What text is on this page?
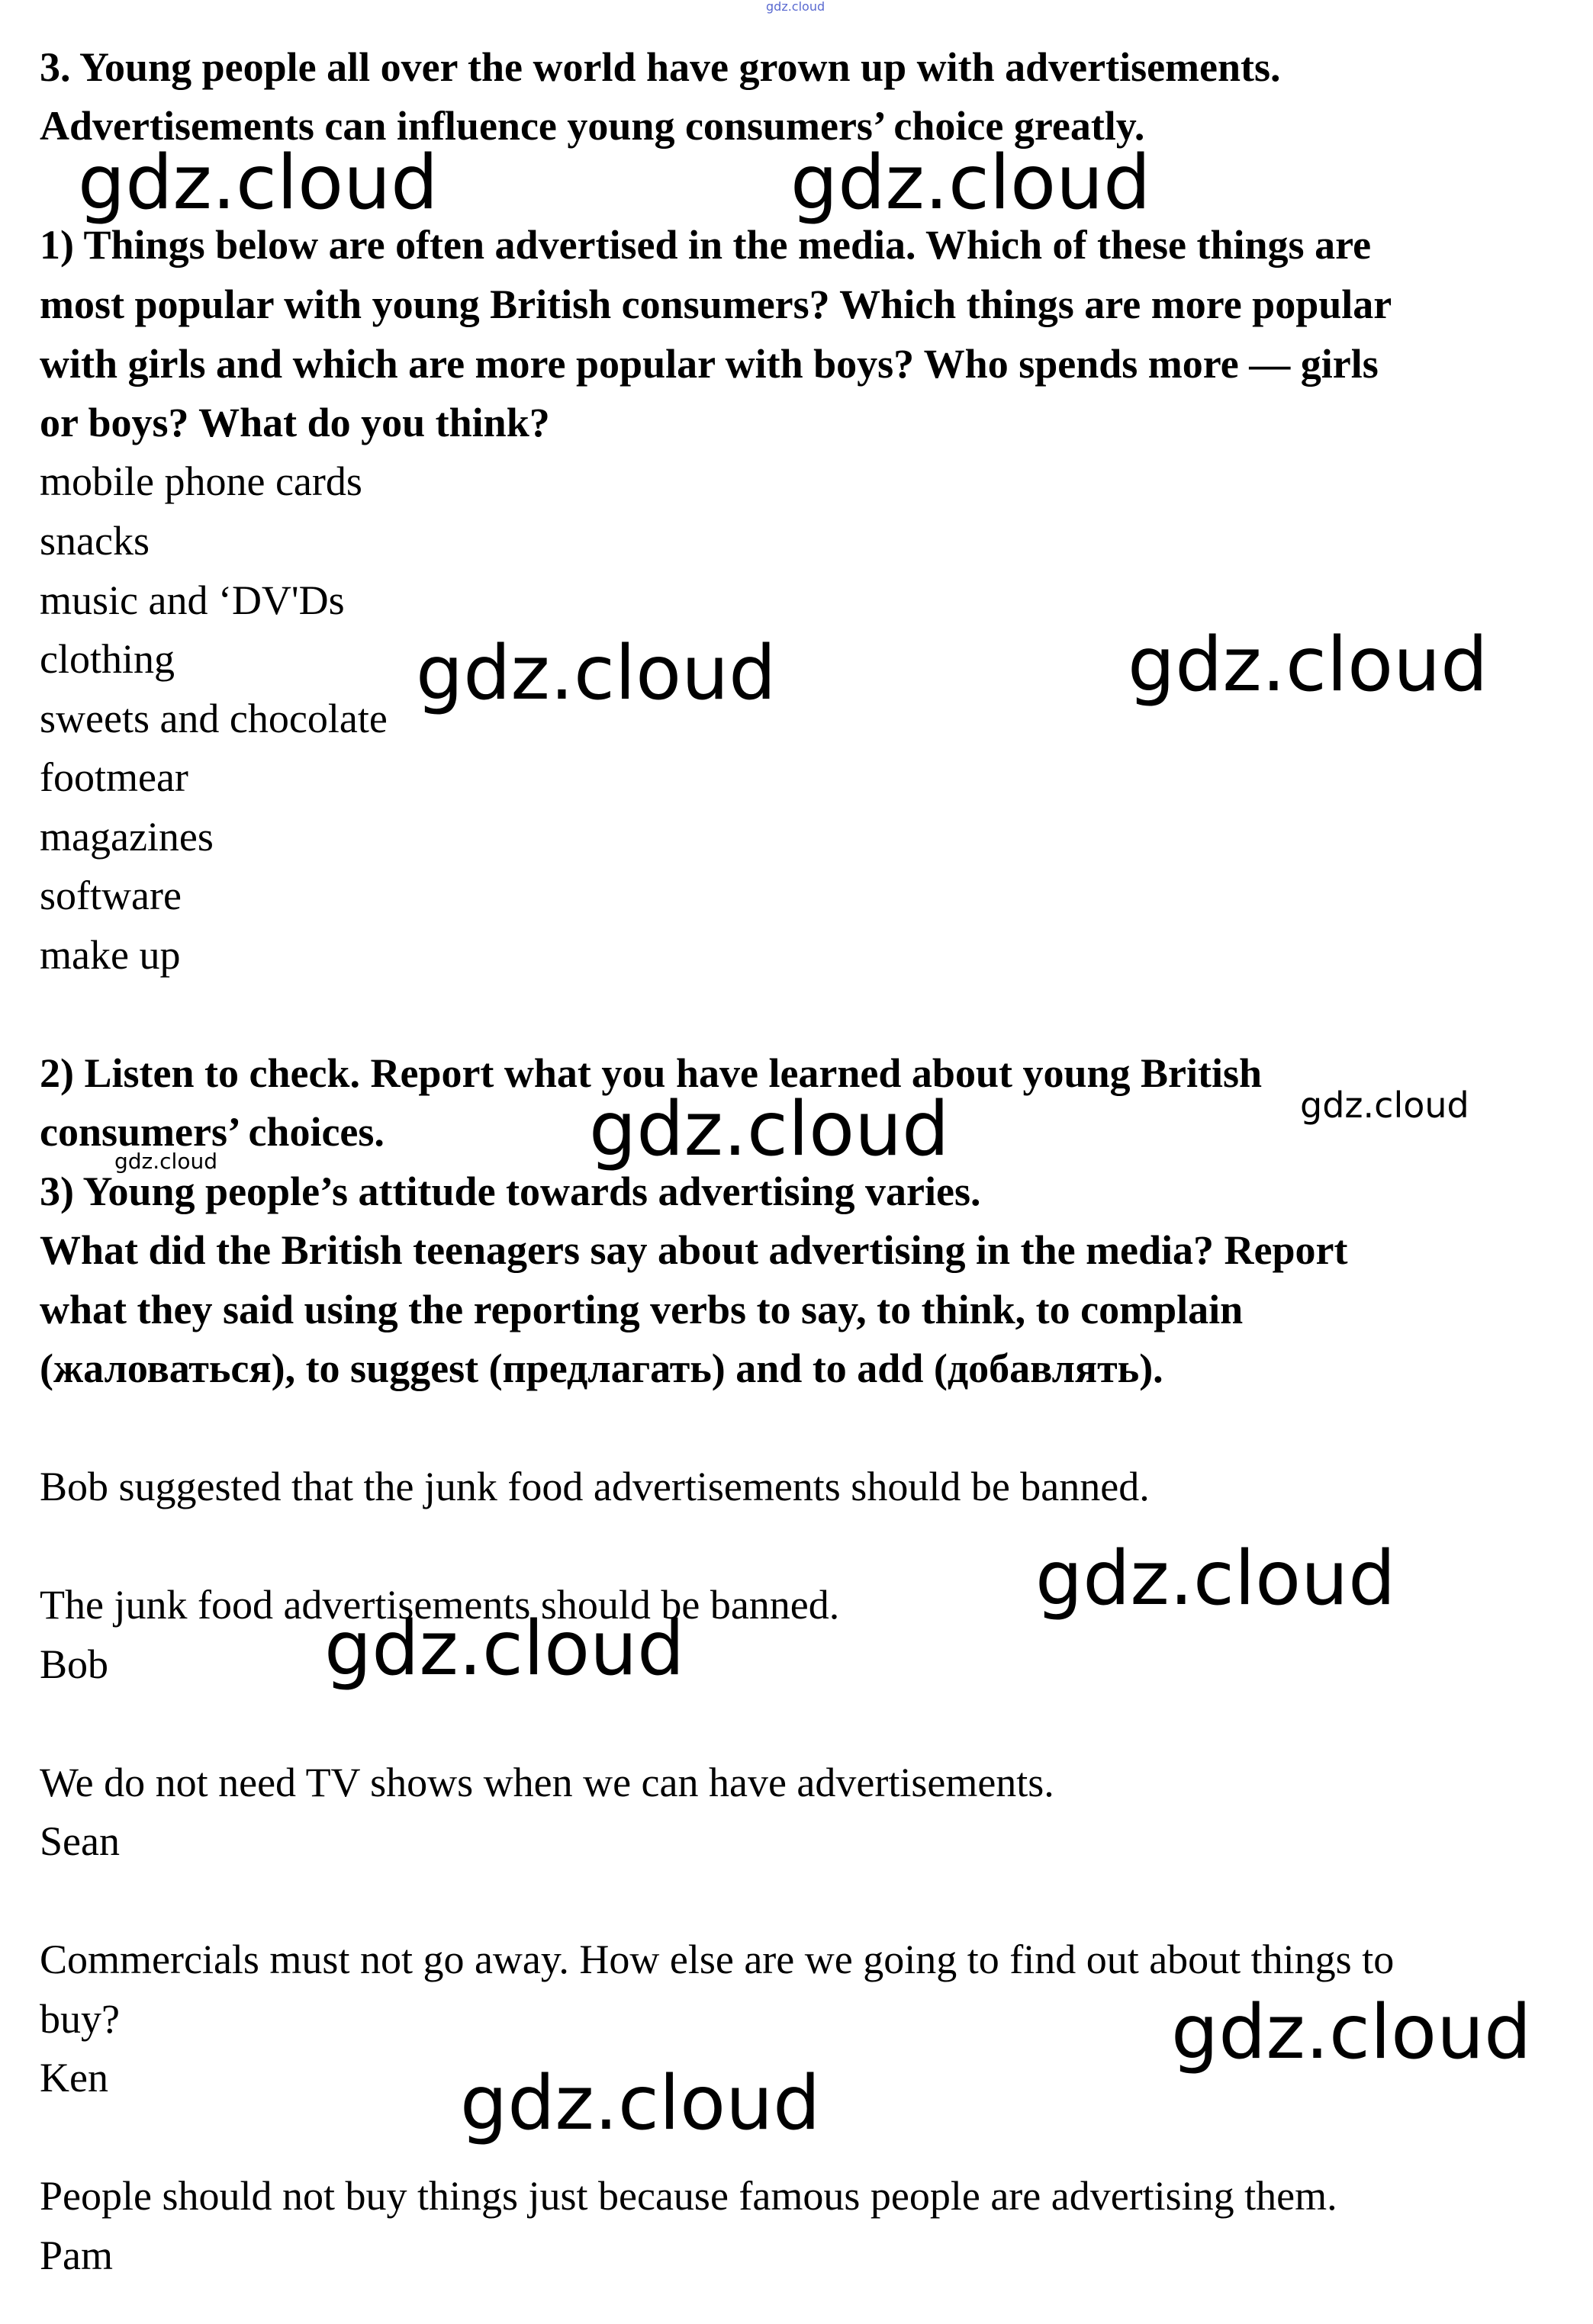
gdz.cloud
3. Young people all over the world have grown up with advertisements.
Advertisements can influence young consumers’ choice greatly.
1) Things below are often advertised in the media. Which of these things are
most popular with young British consumers? Which things are more popular
with girls and which are more popular with boys? Who spends more — girls
or boys? What do you think?
mobile phone cards
snacks
music and ‘DV'Ds
clothing
sweets and chocolate
footmear
magazines
software
make up
2) Listen to check. Report what you have learned about young British
consumers’ choices.
3) Young people’s attitude towards advertising varies.
What did the British teenagers say about advertising in the media? Report
what they said using the reporting verbs to say, to think, to complain
(жаловаться), to suggest (предлагать) and to add (добавлять).
Bob suggested that the junk food advertisements should be banned.
The junk food advertisements should be banned.
Bob
We do not need TV shows when we can have advertisements.
Sean
Commercials must not go away. How else are we going to find out about things to
buy?
Ken
People should not buy things just because famous people are advertising them.
Pam
gdz.cloud	gdz.cloud
gdz.cloud	gdz.cloud
gdz.cloud	gdz.cloud
gdz.cloud
gdz.cloud
gdz.cloud
gdz.cloud
gdz.cloud
